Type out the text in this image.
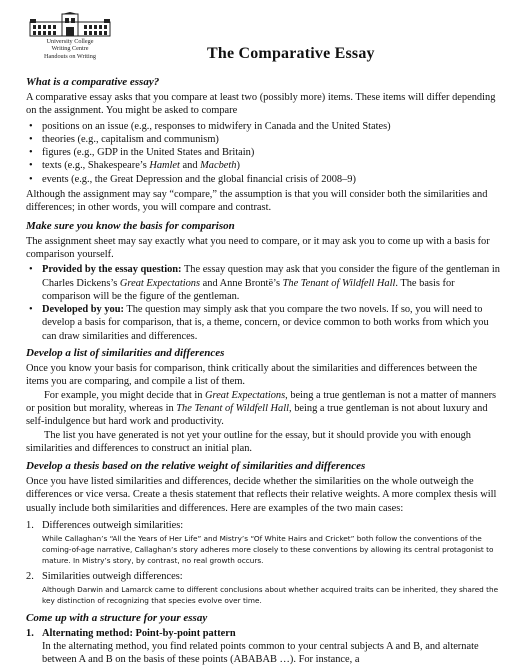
University College
Writing Centre
Handouts on Writing	The Comparative Essay
What is a comparative essay?

A comparative essay asks that you compare at least two (possibly more) items. These items will differ depending on the assignment. You might be asked to compare

• positions on an issue (e.g., responses to midwifery in Canada and the United States)
• theories (e.g., capitalism and communism)
• figures (e.g., GDP in the United States and Britain)
• texts (e.g., Shakespeare’s Hamlet and Macbeth)
• events (e.g., the Great Depression and the global financial crisis of 2008–9)

Although the assignment may say “compare,” the assumption is that you will consider both the similarities and differences; in other words, you will compare and contrast.

Make sure you know the basis for comparison

The assignment sheet may say exactly what you need to compare, or it may ask you to come up with a basis for comparison yourself.

• Provided by the essay question: The essay question may ask that you consider the figure of the gentleman in Charles Dickens’s Great Expectations and Anne Brontë’s The Tenant of Wildfell Hall. The basis for comparison will be the figure of the gentleman.
• Developed by you: The question may simply ask that you compare the two novels. If so, you will need to develop a basis for comparison, that is, a theme, concern, or device common to both works from which you can draw similarities and differences.
Develop a list of similarities and differences

Once you know your basis for comparison, think critically about the similarities and differences between the items you are comparing, and compile a list of them.

For example, you might decide that in Great Expectations, being a true gentleman is not a matter of manners or position but morality, whereas in The Tenant of Wildfell Hall, being a true gentleman is not about luxury and self-indulgence but hard work and productivity.

The list you have generated is not yet your outline for the essay, but it should provide you with enough similarities and differences to construct an initial plan.

Develop a thesis based on the relative weight of similarities and differences

Once you have listed similarities and differences, decide whether the similarities on the whole outweigh the differences or vice versa. Create a thesis statement that reflects their relative weights. A more complex thesis will usually include both similarities and differences. Here are examples of the two main cases:

1. Differences outweigh similarities:
While Callaghan’s “All the Years of Her Life” and Mistry’s “Of White Hairs and Cricket” both follow the conventions of the coming-of-age narrative, Callaghan’s story adheres more closely to these conventions by allowing its central protagonist to mature. In Mistry’s story, by contrast, no real growth occurs.
2. Similarities outweigh differences:
Although Darwin and Lamarck came to different conclusions about whether acquired traits can be inherited, they shared the key distinction of recognizing that species evolve over time.
Come up with a structure for your essay
1. Alternating method: Point-by-point pattern

In the alternating method, you find related points common to your central subjects A and B, and alternate between A and B on the basis of these points (ABABAB …). For instance, a
